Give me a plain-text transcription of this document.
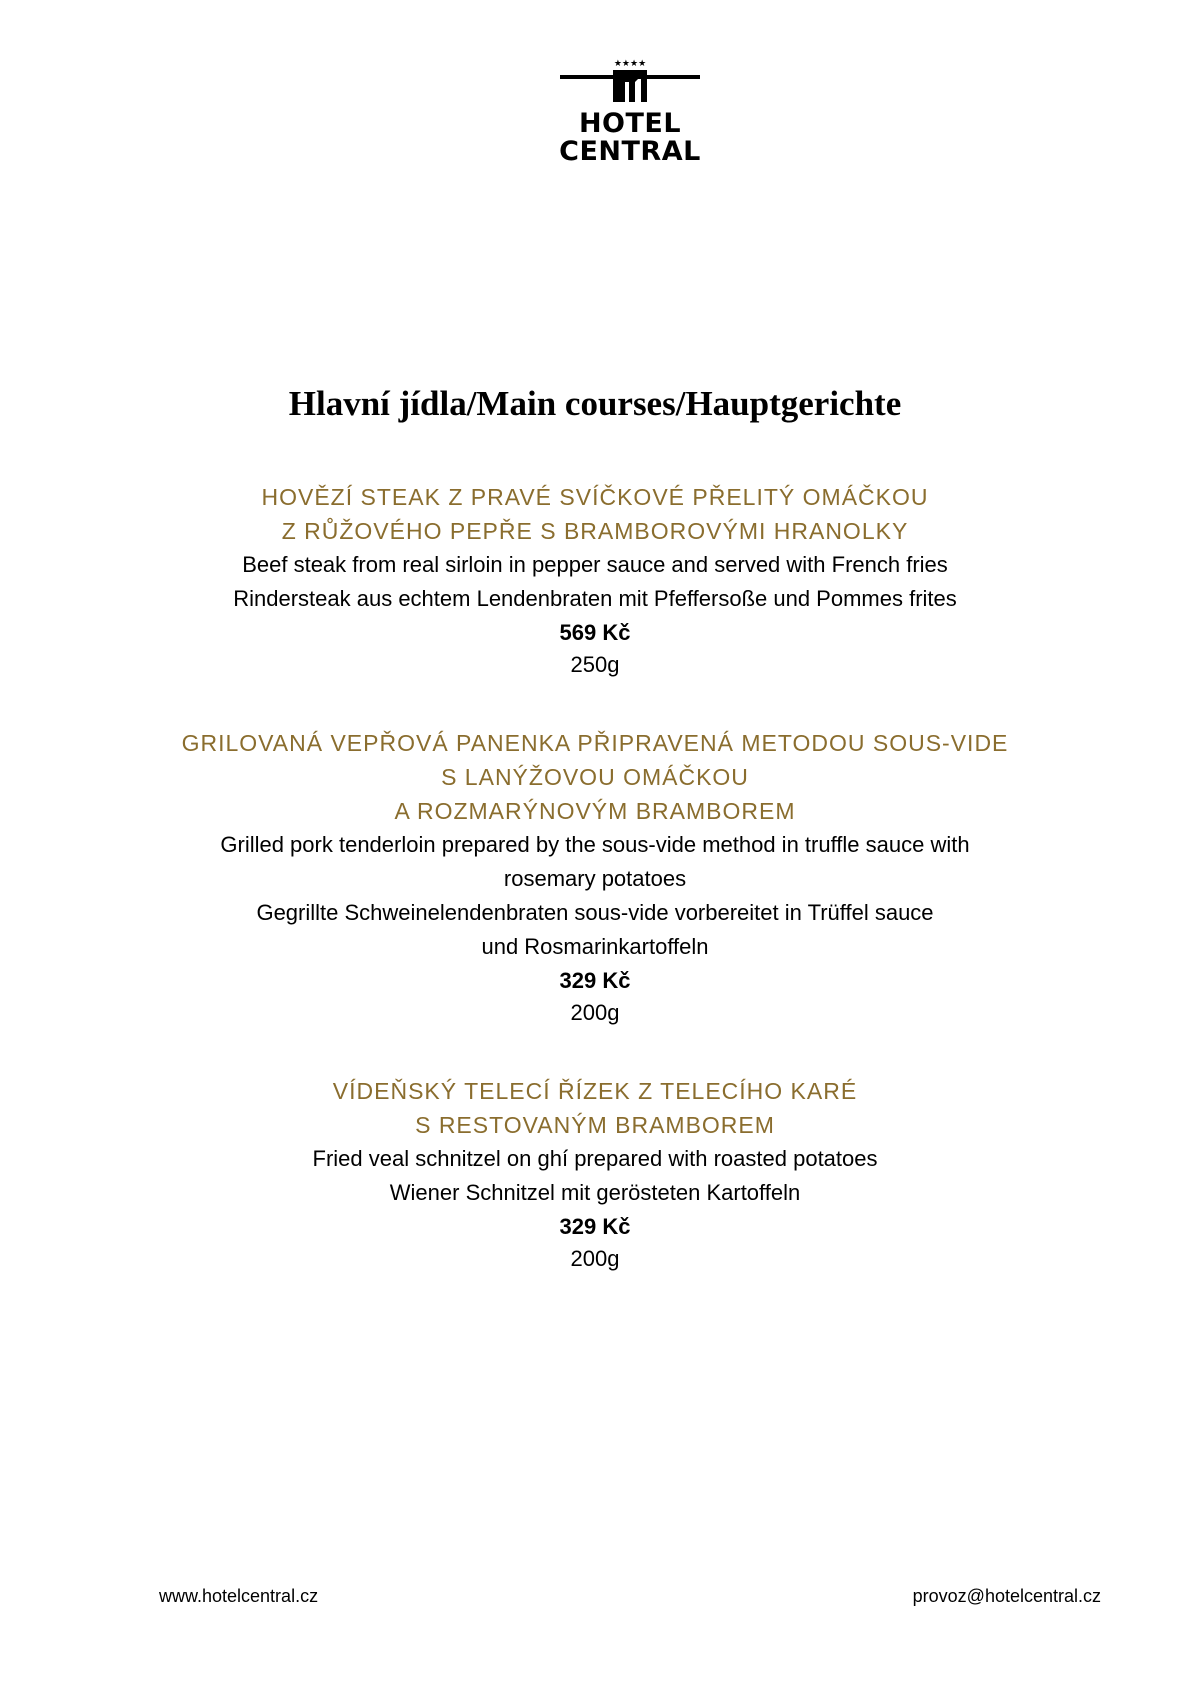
★★★★
HOTEL
CENTRAL
Hlavní jídla/Main courses/Hauptgerichte
HOVĚZÍ STEAK Z PRAVÉ SVÍČKOVÉ PŘELITÝ OMÁČKOU
Z RŮŽOVÉHO PEPŘE S BRAMBOROVÝMI HRANOLKY
Beef steak from real sirloin in pepper sauce and served with French fries
Rindersteak aus echtem Lendenbraten mit Pfeffersoße und Pommes frites
569 Kč
250g
GRILOVANÁ VEPŘOVÁ PANENKA PŘIPRAVENÁ METODOU SOUS-VIDE
S LANÝŽOVOU OMÁČKOU
A ROZMARÝNOVÝM BRAMBOREM
Grilled pork tenderloin prepared by the sous-vide method in truffle sauce with rosemary potatoes
Gegrillte Schweinelendenbraten sous-vide vorbereitet in Trüffel sauce und Rosmarinkartoffeln
329 Kč
200g
VÍDEŇSKÝ TELECÍ ŘÍZEK Z TELECÍHO KARÉ
S RESTOVANÝM BRAMBOREM
Fried veal schnitzel on ghí prepared with roasted potatoes
Wiener Schnitzel mit gerösteten Kartoffeln
329 Kč
200g
www.hotelcentral.cz	provoz@hotelcentral.cz
